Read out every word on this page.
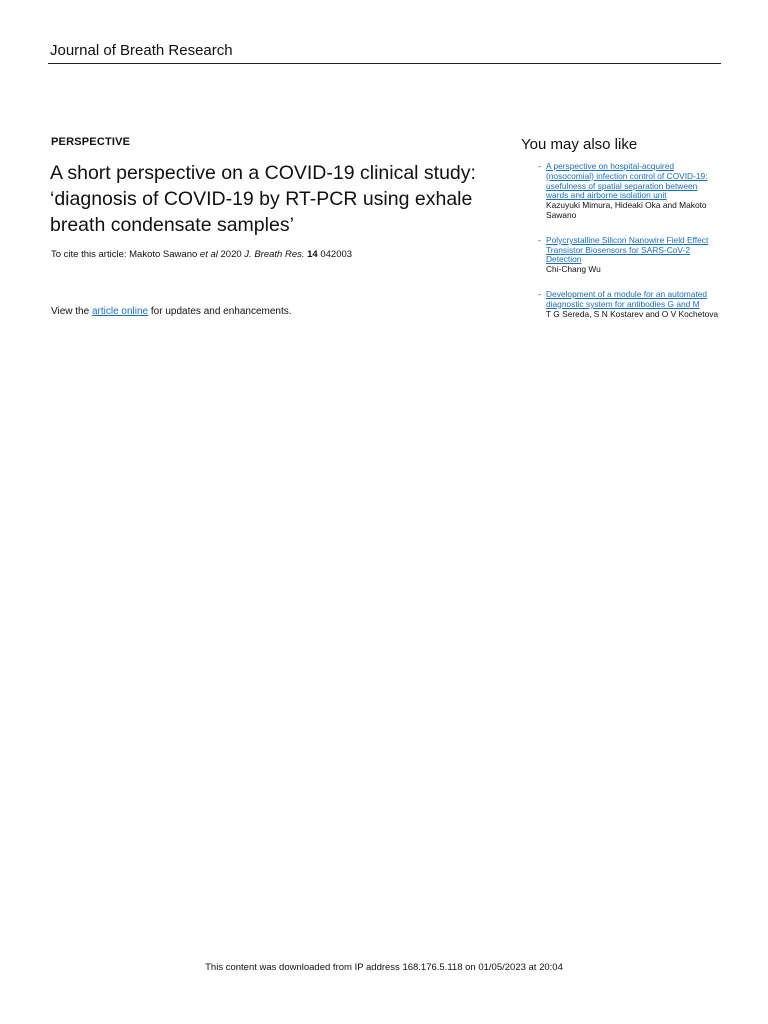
Journal of Breath Research
PERSPECTIVE
A short perspective on a COVID-19 clinical study: ‘diagnosis of COVID-19 by RT-PCR using exhale breath condensate samples’
To cite this article: Makoto Sawano et al 2020 J. Breath Res. 14 042003
View the article online for updates and enhancements.
You may also like
- A perspective on hospital-acquired (nosocomial) infection control of COVID-19: usefulness of spatial separation between wards and airborne isolation unit
Kazuyuki Mimura, Hideaki Oka and Makoto Sawano
- Polycrystalline Silicon Nanowire Field Effect Transistor Biosensors for SARS-CoV-2 Detection
Chi-Chang Wu
- Development of a module for an automated diagnostic system for antibodies G and M
T G Sereda, S N Kostarev and O V Kochetova
This content was downloaded from IP address 168.176.5.118 on 01/05/2023 at 20:04
